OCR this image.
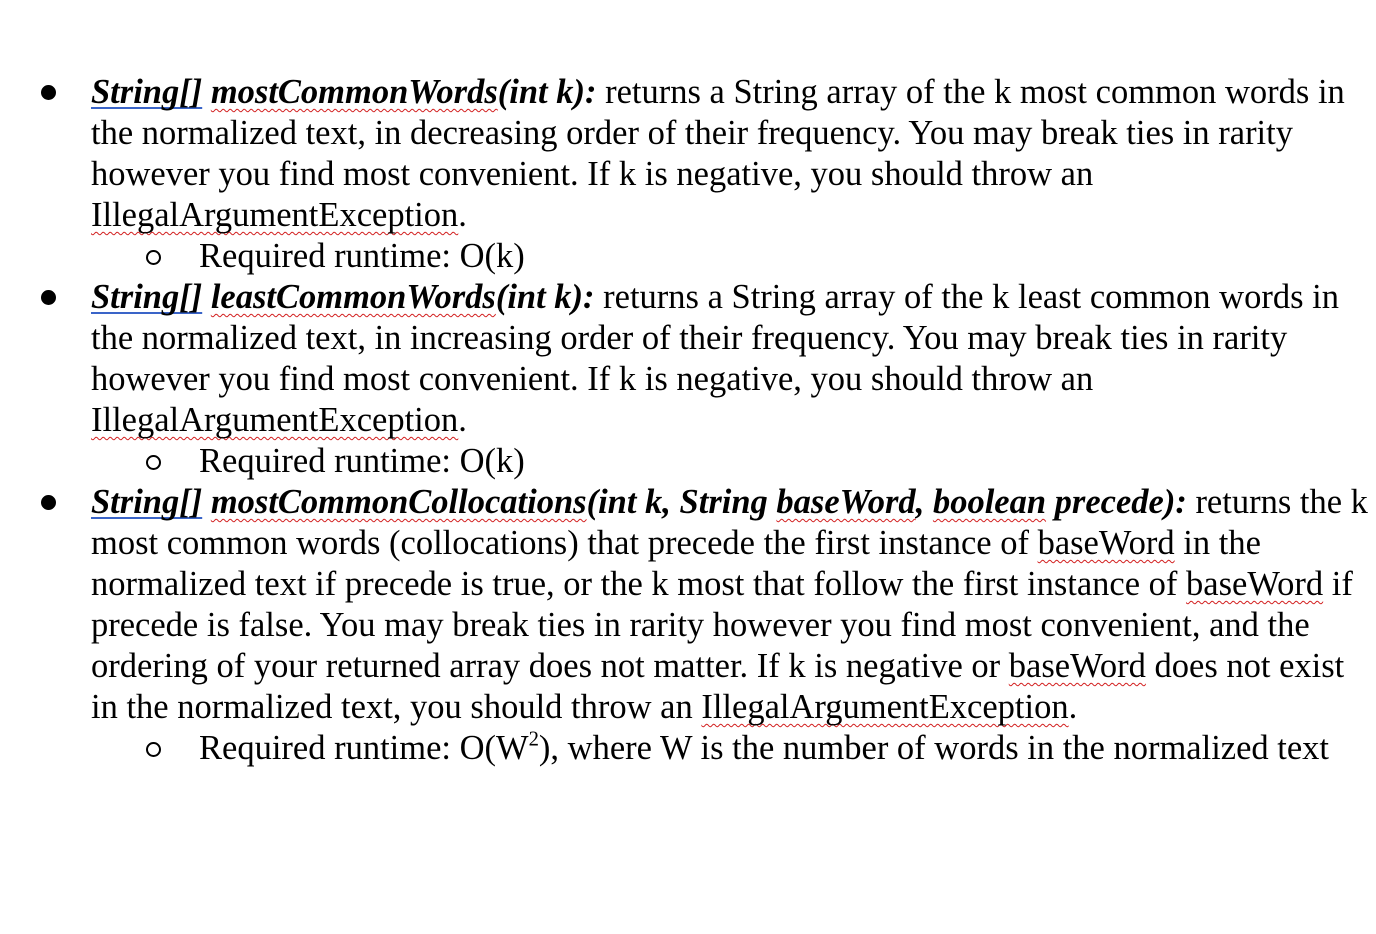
String[] mostCommonWords(int k): returns a String array of the k most common words in the normalized text, in decreasing order of their frequency. You may break ties in rarity however you find most convenient. If k is negative, you should throw an IllegalArgumentException.
Required runtime: O(k)
String[] leastCommonWords(int k): returns a String array of the k least common words in the normalized text, in increasing order of their frequency. You may break ties in rarity however you find most convenient. If k is negative, you should throw an IllegalArgumentException.
Required runtime: O(k)
String[] mostCommonCollocations(int k, String baseWord, boolean precede): returns the k most common words (collocations) that precede the first instance of baseWord in the normalized text if precede is true, or the k most that follow the first instance of baseWord if precede is false. You may break ties in rarity however you find most convenient, and the ordering of your returned array does not matter. If k is negative or baseWord does not exist in the normalized text, you should throw an IllegalArgumentException.
Required runtime: $O(W^2)$, where W is the number of words in the normalized text
